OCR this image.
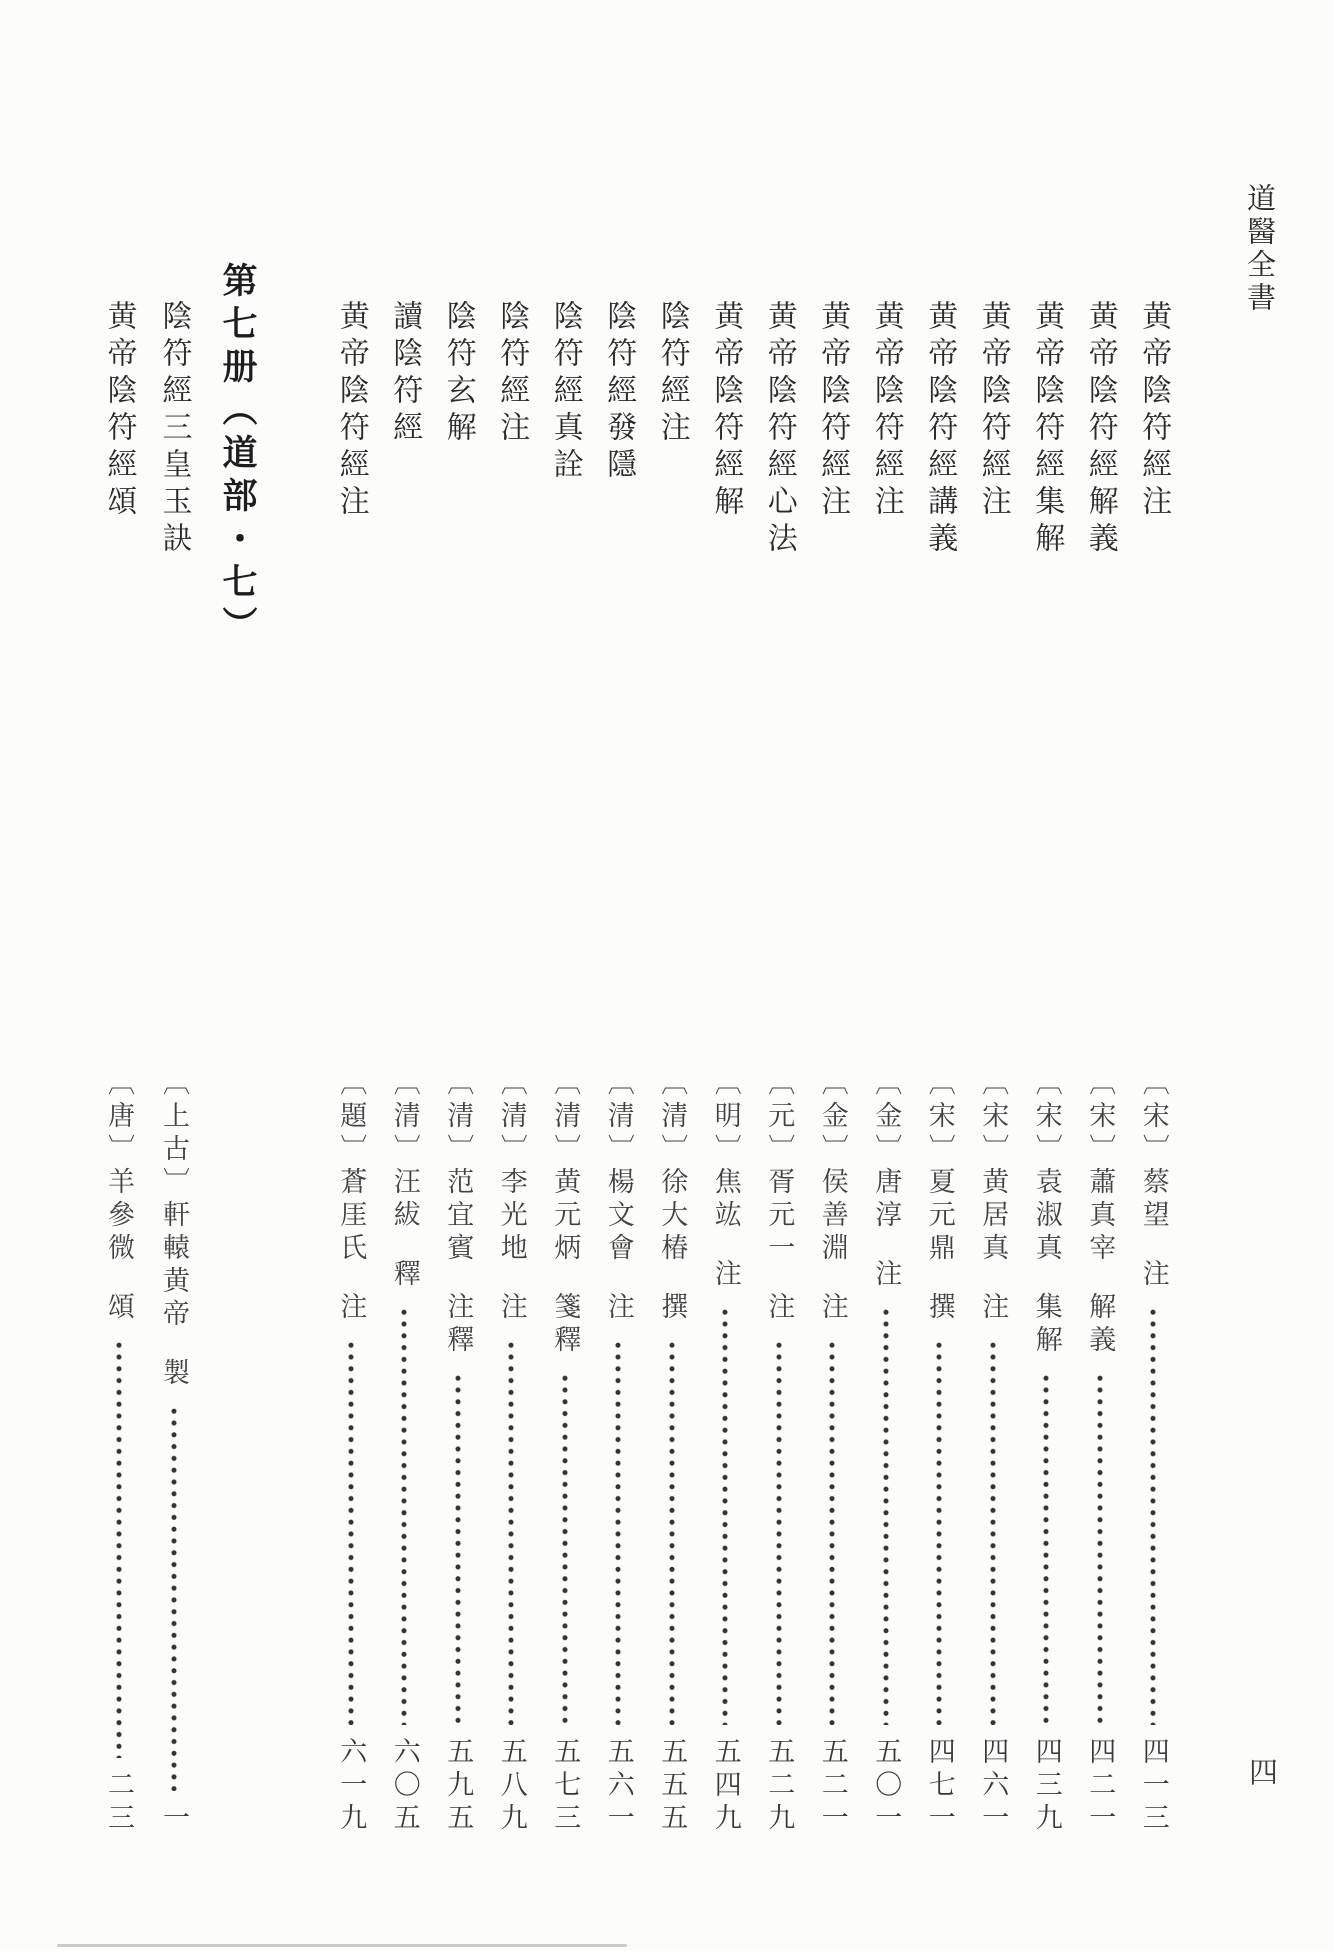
道醫全書
黄帝陰符經注
〔宋〕蔡望注
四一三
黄帝陰符經解義
〔宋〕蕭真宰解義
四二一
黄帝陰符經集解
〔宋〕袁淑真集解
四三九
黄帝陰符經注
〔宋〕黄居真注
四六一
黄帝陰符經講義
〔宋〕夏元鼎撰
四七一
黄帝陰符經注
〔金〕唐淳注
五〇一
黄帝陰符經注
〔金〕侯善淵注
五二一
黄帝陰符經心法
〔元〕胥元一注
五二九
黄帝陰符經解
〔明〕焦竑注
五四九
陰符經注
〔清〕徐大椿撰
五五五
陰符經發隱
〔清〕楊文會注
五六一
陰符經真詮
〔清〕黄元炳箋釋
五七三
陰符經注
〔清〕李光地注
五八九
陰符玄解
〔清〕范宜賓注釋
五九五
讀陰符經
〔清〕汪紱釋
六〇五
黄帝陰符經注
〔題〕蒼厓氏注
六一九
第七册（道部・七）
陰符經三皇玉訣
〔上古〕軒轅黄帝製
一
黄帝陰符經頌
〔唐〕羊參微頌
二三	四
